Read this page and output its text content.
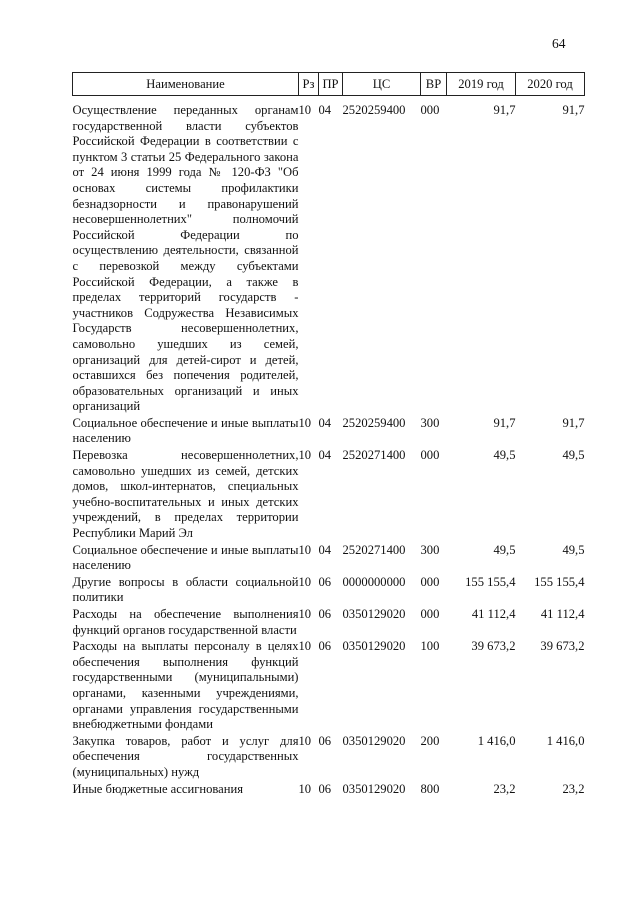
64
Наименование	Рз	ПР	ЦС	ВР	2019 год	2020 год
Осуществление переданных органам государственной власти субъектов Российской Федерации в соответствии с пунктом 3 статьи 25 Федерального закона от 24 июня 1999 года № 120-ФЗ "Об основах системы профилактики безнадзорности и правонарушений несовершеннолетних" полномочий Российской Федерации по осуществлению деятельности, связанной с перевозкой между субъектами Российской Федерации, а также в пределах территорий государств - участников Содружества Независимых Государств несовершеннолетних, самовольно ушедших из семей, организаций для детей-сирот и детей, оставшихся без попечения родителей, образовательных организаций и иных организаций	10	04	2520259400	000	91,7	91,7
Социальное обеспечение и иные выплаты населению	10	04	2520259400	300	91,7	91,7
Перевозка несовершеннолетних, самовольно ушедших из семей, детских домов, школ-интернатов, специальных учебно-воспитательных и иных детских учреждений, в пределах территории Республики Марий Эл	10	04	2520271400	000	49,5	49,5
Социальное обеспечение и иные выплаты населению	10	04	2520271400	300	49,5	49,5
Другие вопросы в области социальной политики	10	06	0000000000	000	155 155,4	155 155,4
Расходы на обеспечение выполнения функций органов государственной власти	10	06	0350129020	000	41 112,4	41 112,4
Расходы на выплаты персоналу в целях обеспечения выполнения функций государственными (муниципальными) органами, казенными учреждениями, органами управления государственными внебюджетными фондами	10	06	0350129020	100	39 673,2	39 673,2
Закупка товаров, работ и услуг для обеспечения государственных (муниципальных) нужд	10	06	0350129020	200	1 416,0	1 416,0
Иные бюджетные ассигнования	10	06	0350129020	800	23,2	23,2
